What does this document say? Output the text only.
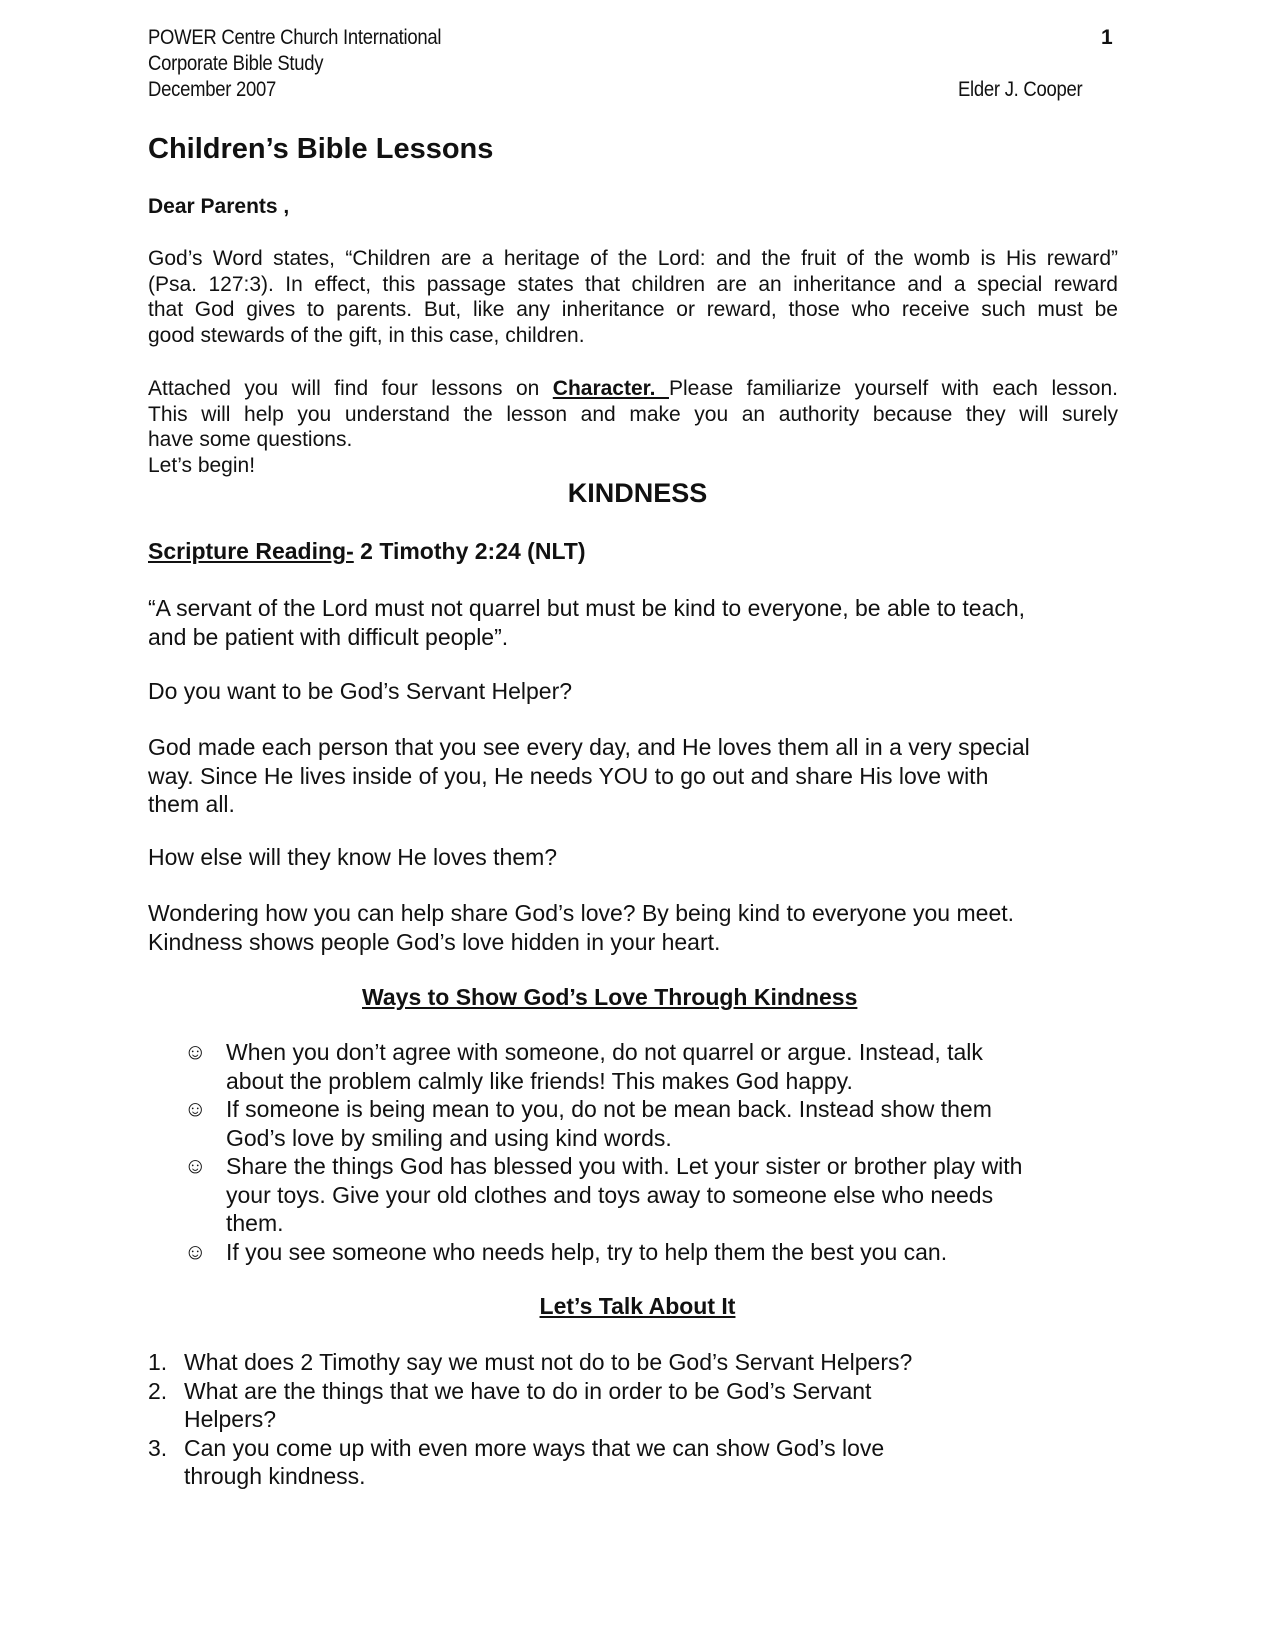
POWER Centre Church International
Corporate Bible Study
December 2007
1
Elder J. Cooper
Children’s Bible Lessons
Dear Parents ,
God’s Word states, “Children are a heritage of the Lord: and the fruit of the womb is His reward”
(Psa. 127:3). In effect, this passage states that children are an inheritance and a special reward
that God gives to parents. But, like any inheritance or reward, those who receive such must be
good stewards of the gift, in this case, children.
Attached you will find four lessons on Character. Please familiarize yourself with each lesson.
This will help you understand the lesson and make you an authority because they will surely
have some questions.
Let’s begin!
KINDNESS
Scripture Reading- 2 Timothy 2:24 (NLT)
“A servant of the Lord must not quarrel but must be kind to everyone, be able to teach,
and be patient with difficult people”.
Do you want to be God’s Servant Helper?
God made each person that you see every day, and He loves them all in a very special
way. Since He lives inside of you, He needs YOU to go out and share His love with
them all.
How else will they know He loves them?
Wondering how you can help share God’s love? By being kind to everyone you meet.
Kindness shows people God’s love hidden in your heart.
Ways to Show God’s Love Through Kindness
☺ When you don’t agree with someone, do not quarrel or argue. Instead, talk
about the problem calmly like friends! This makes God happy.
☺ If someone is being mean to you, do not be mean back. Instead show them
God’s love by smiling and using kind words.
☺ Share the things God has blessed you with. Let your sister or brother play with
your toys. Give your old clothes and toys away to someone else who needs
them.
☺ If you see someone who needs help, try to help them the best you can.
Let’s Talk About It
1. What does 2 Timothy say we must not do to be God’s Servant Helpers?
2. What are the things that we have to do in order to be God’s Servant
Helpers?
3. Can you come up with even more ways that we can show God’s love
through kindness.
